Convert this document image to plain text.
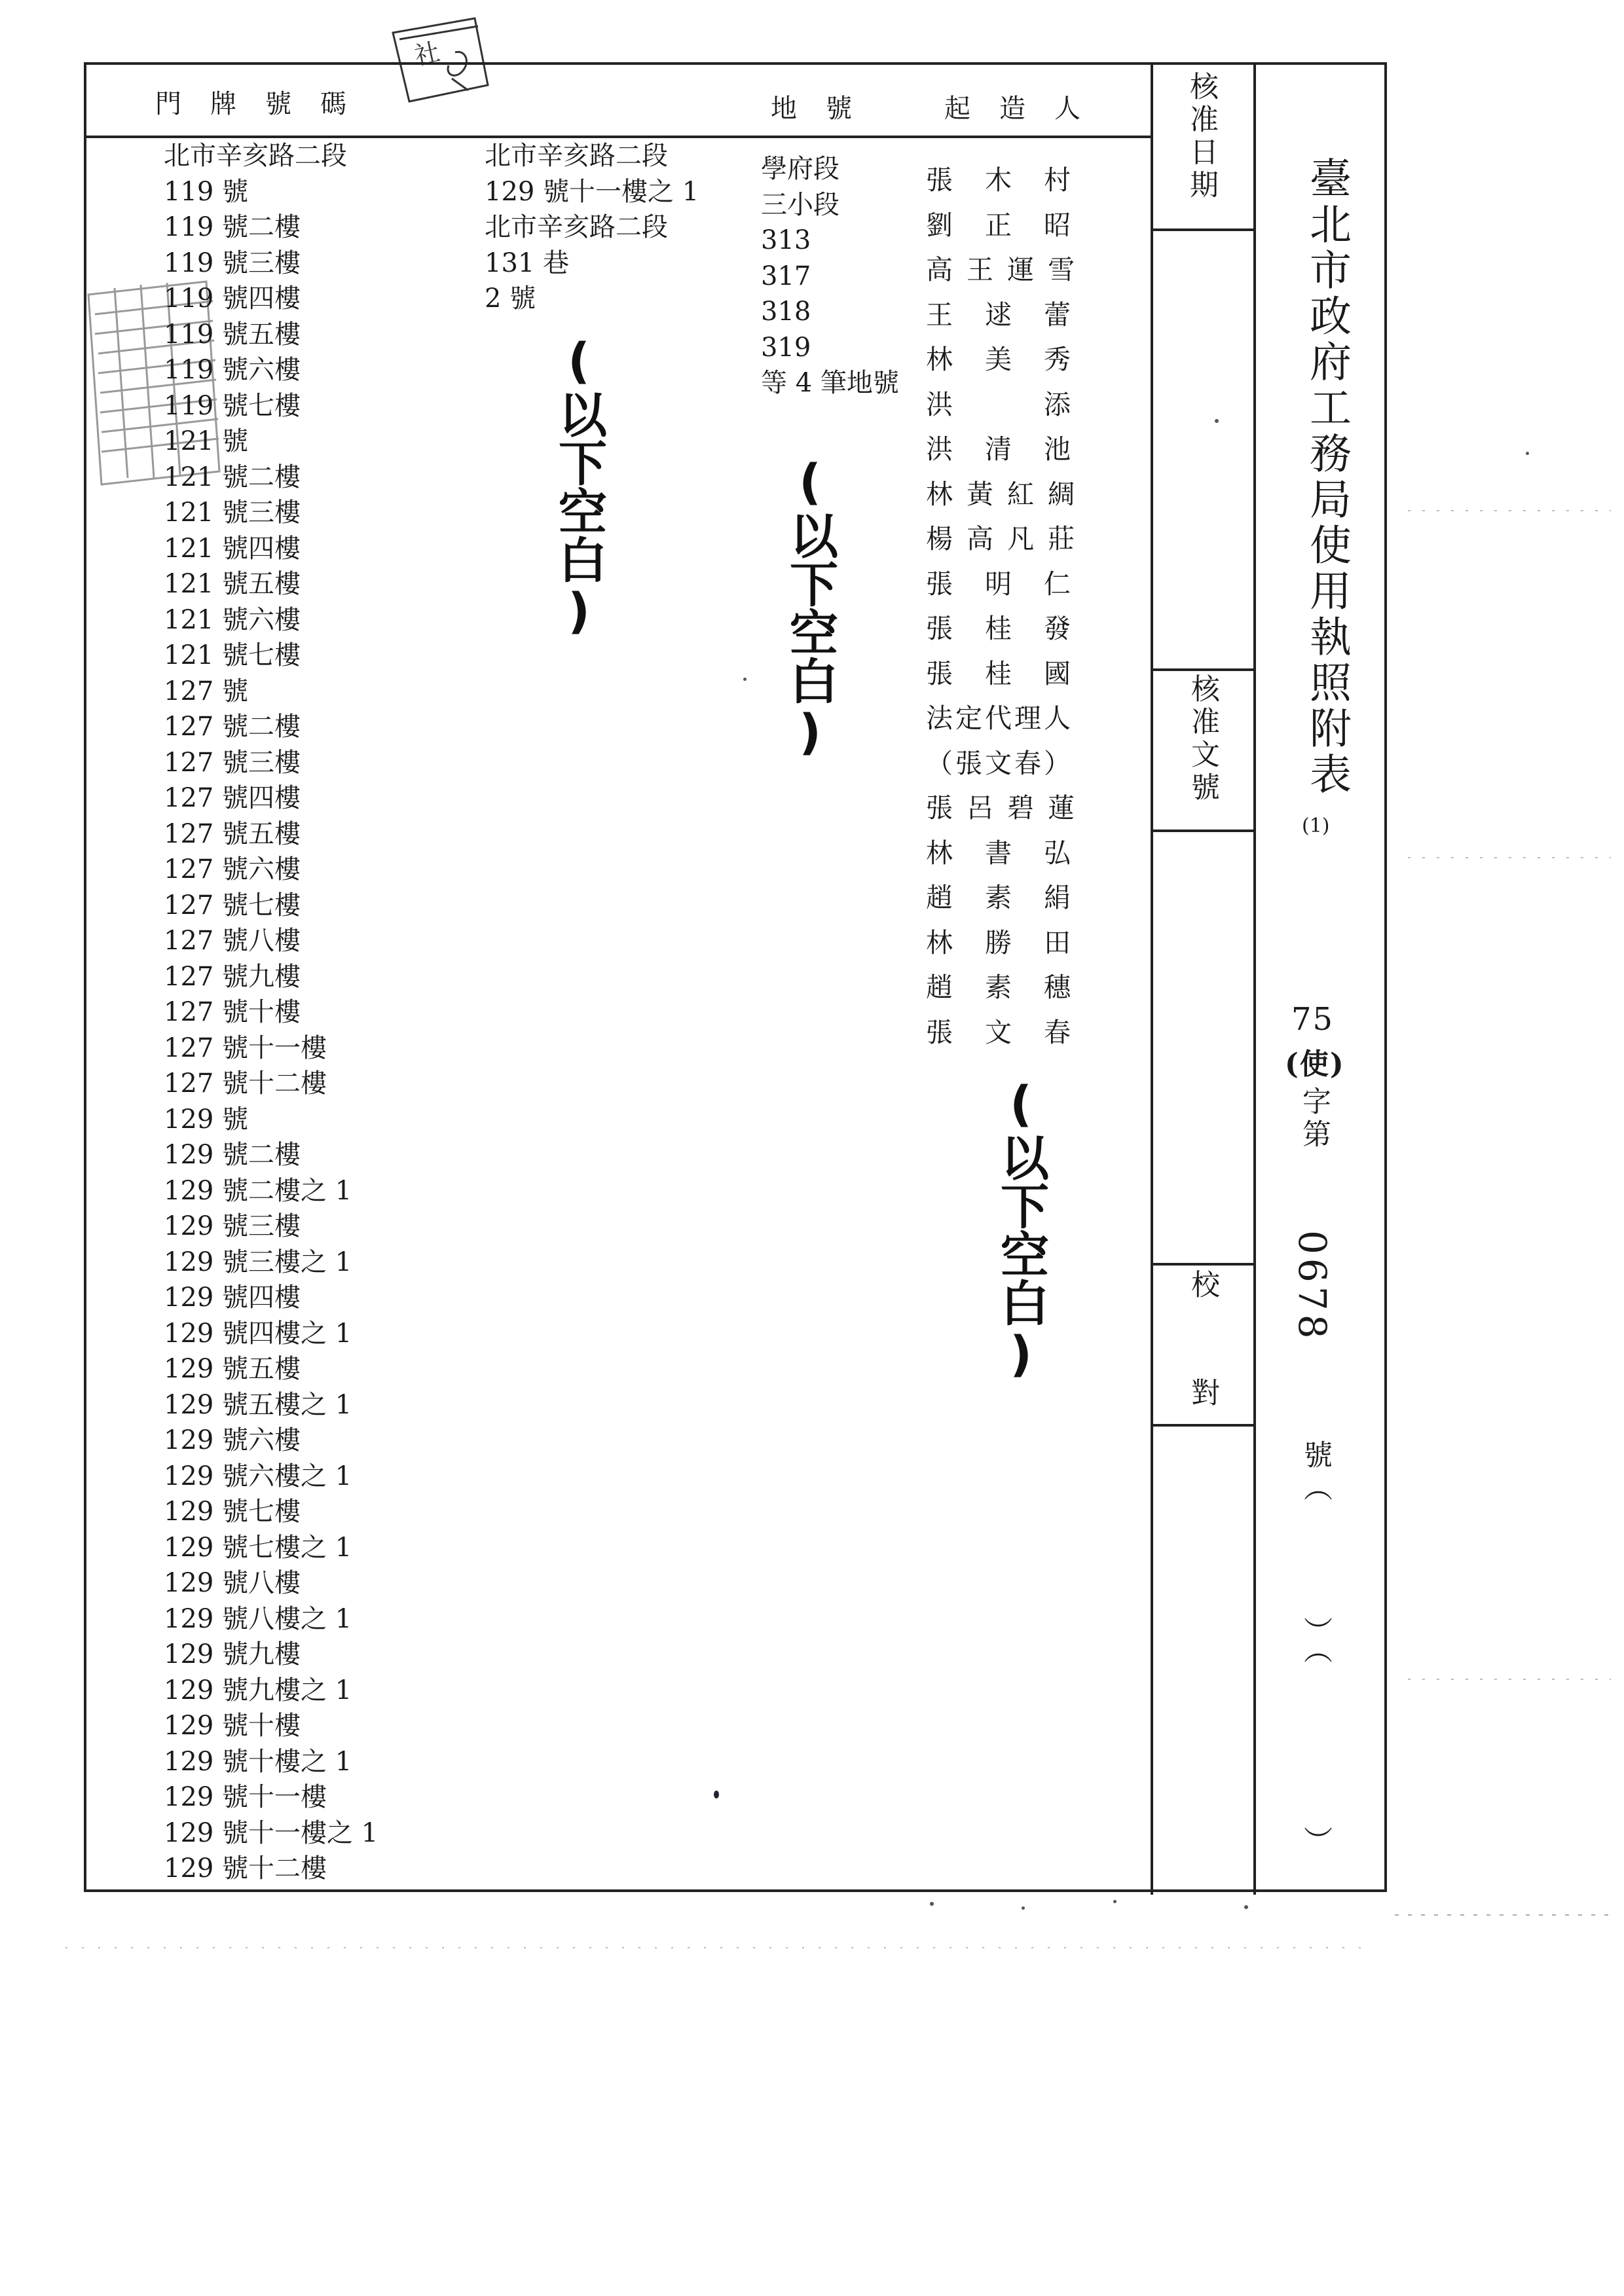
社
門　牌　號　碼	地　號	起　造　人
北市辛亥路二段
119 號
119 號二樓
119 號三樓
119 號四樓
119 號五樓
119 號六樓
119 號七樓
121 號
121 號二樓
121 號三樓
121 號四樓
121 號五樓
121 號六樓
121 號七樓
127 號
127 號二樓
127 號三樓
127 號四樓
127 號五樓
127 號六樓
127 號七樓
127 號八樓
127 號九樓
127 號十樓
127 號十一樓
127 號十二樓
129 號
129 號二樓
129 號二樓之 1
129 號三樓
129 號三樓之 1
129 號四樓
129 號四樓之 1
129 號五樓
129 號五樓之 1
129 號六樓
129 號六樓之 1
129 號七樓
129 號七樓之 1
129 號八樓
129 號八樓之 1
129 號九樓
129 號九樓之 1
129 號十樓
129 號十樓之 1
129 號十一樓
129 號十一樓之 1
129 號十二樓
北市辛亥路二段
129 號十一樓之 1
北市辛亥路二段
131 巷
2 號
學府段
三小段
313
317
318
319
等 4 筆地號
張　木　村
劉　正　昭
高 王 運 雪
王　逑　蕾
林　美　秀
洪　　　添
洪　清　池
林 黃 紅 綢
楊 高 凡 莊
張　明　仁
張　桂　發
張　桂　國
法定代理人
（張文春）
張 呂 碧 蓮
林　書　弘
趙　素　絹
林　勝　田
趙　素　穗
張　文　春
(以下空白)	(以下空白)
(以下空白)
核准日期
核准文號
校
對
臺北市政府工務局使用執照附表
(1)
75
(使)
字第
0678
號（
）（
）
